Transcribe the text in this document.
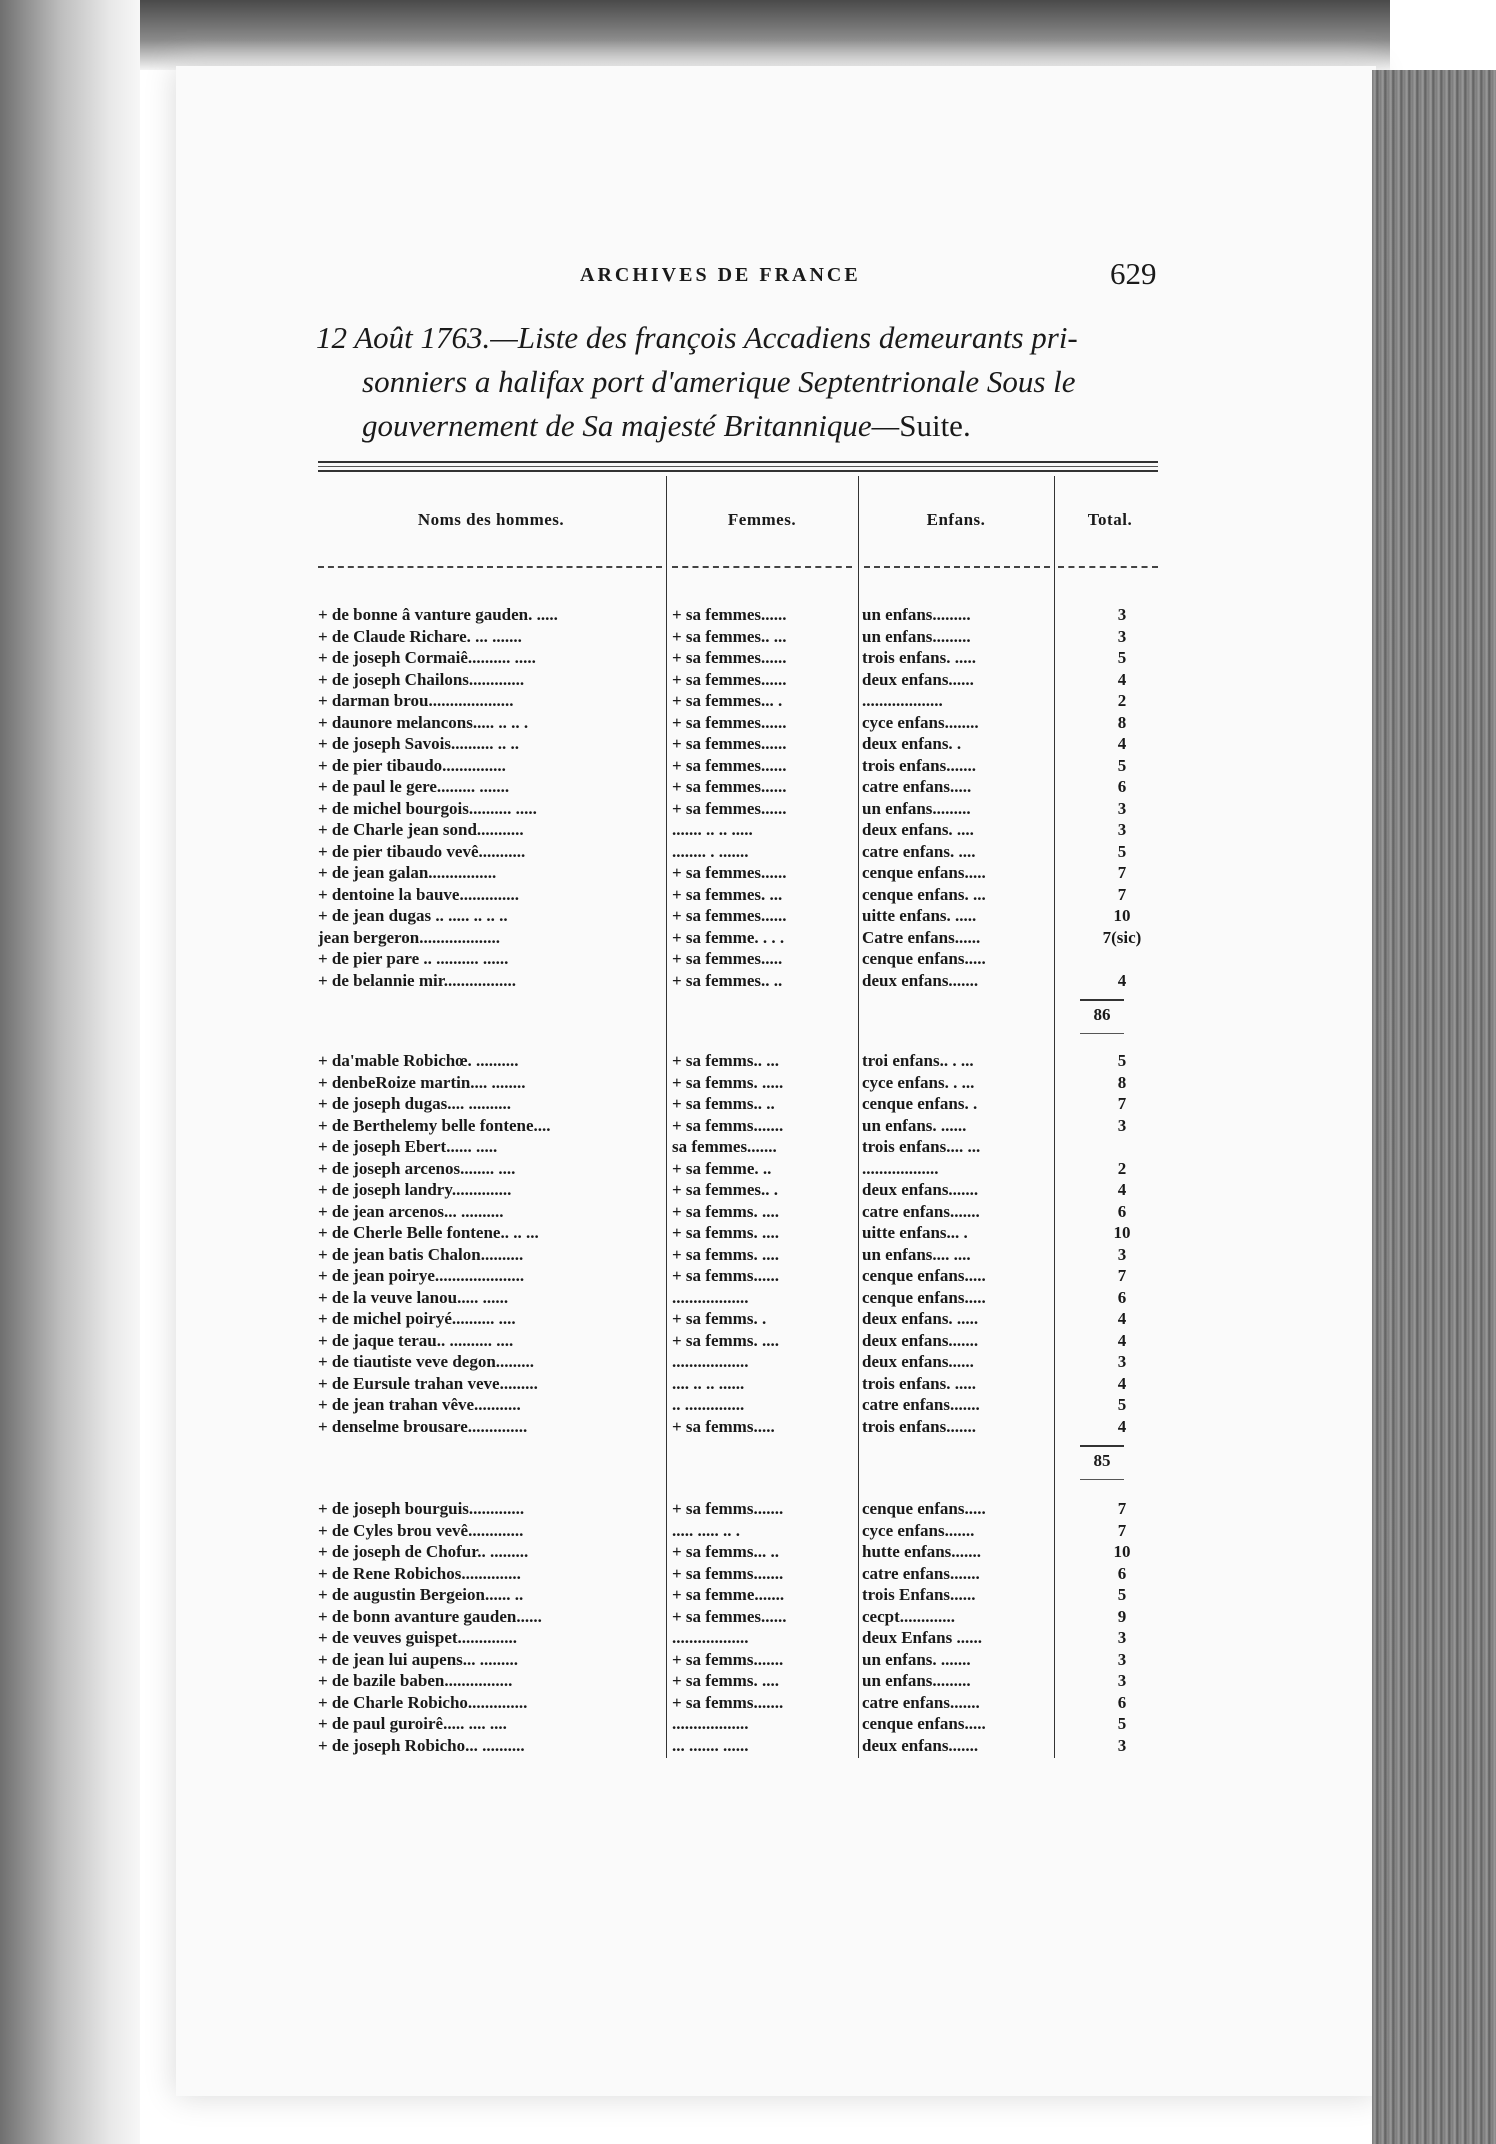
ARCHIVES DE FRANCE	629
12 Août 1763.—Liste des françois Accadiens demeurants pri-
sonniers a halifax port d'amerique Septentrionale Sous le
gouvernement de Sa majesté Britannique—Suite.
Noms des hommes.	Femmes.	Enfans.	Total.
+ de bonne â vanture gauden. .....	+ sa femmes......	un enfans.........	3
+ de Claude Richare. ... .......	+ sa femmes.. ...	un enfans.........	3
+ de joseph Cormaiê.......... .....	+ sa femmes......	trois enfans. .....	5
+ de joseph Chailons.............	+ sa femmes......	deux enfans......	4
+ darman brou....................	+ sa femmes... .	...................	2
+ daunore melancons..... .. .. .	+ sa femmes......	cyce enfans........	8
+ de joseph Savois.......... .. ..	+ sa femmes......	deux enfans. .	4
+ de pier tibaudo...............	+ sa femmes......	trois enfans.......	5
+ de paul le gere......... .......	+ sa femmes......	catre enfans.....	6
+ de michel bourgois.......... .....	+ sa femmes......	un enfans.........	3
+ de Charle jean sond...........	....... .. .. .....	deux enfans. ....	3
+ de pier tibaudo vevê...........	........ . .......	catre enfans. ....	5
+ de jean galan................	+ sa femmes......	cenque enfans.....	7
+ dentoine la bauve..............	+ sa femmes. ...	cenque enfans. ...	7
+ de jean dugas .. ..... .. .. ..	+ sa femmes......	uitte enfans. .....	10
jean bergeron...................	+ sa femme. . . .	Catre enfans......	7(sic)
+ de pier pare .. .......... ......	+ sa femmes.....	cenque enfans.....
+ de belannie mir.................	+ sa femmes.. ..	deux enfans.......	4
86
+ da'mable Robichœ. ..........	+ sa femms.. ...	troi enfans.. . ...	5
+ denbeRoize martin.... ........	+ sa femms. .....	cyce enfans. . ...	8
+ de joseph dugas.... ..........	+ sa femms.. ..	cenque enfans. .	7
+ de Berthelemy belle fontene....	+ sa femms.......	un enfans. ......	3
+ de joseph Ebert...... .....	sa femmes.......	trois enfans.... ...
+ de joseph arcenos........ ....	+ sa femme. ..	..................	2
+ de joseph landry..............	+ sa femmes.. .	deux enfans.......	4
+ de jean arcenos... ..........	+ sa femms. ....	catre enfans.......	6
+ de Cherle Belle fontene.. .. ...	+ sa femms. ....	uitte enfans... .	10
+ de jean batis Chalon..........	+ sa femms. ....	un enfans.... ....	3
+ de jean poirye.....................	+ sa femms......	cenque enfans.....	7
+ de la veuve lanou..... ......	..................	cenque enfans.....	6
+ de michel poiryé.......... ....	+ sa femms. .	deux enfans. .....	4
+ de jaque terau.. .......... ....	+ sa femms. ....	deux enfans.......	4
+ de tiautiste veve degon.........	..................	deux enfans......	3
+ de Eursule trahan veve.........	.... .. .. ......	trois enfans. .....	4
+ de jean trahan vêve...........	.. ..............	catre enfans.......	5
+ denselme brousare..............	+ sa femms.....	trois enfans.......	4
85
+ de joseph bourguis.............	+ sa femms.......	cenque enfans.....	7
+ de Cyles brou vevê.............	..... ..... .. .	cyce enfans.......	7
+ de joseph de Chofur.. .........	+ sa femms... ..	hutte enfans.......	10
+ de Rene Robichos..............	+ sa femms.......	catre enfans.......	6
+ de augustin Bergeion...... ..	+ sa femme.......	trois Enfans......	5
+ de bonn avanture gauden......	+ sa femmes......	cecpt.............	9
+ de veuves guispet..............	..................	deux Enfans ......	3
+ de jean lui aupens... .........	+ sa femms.......	un enfans. .......	3
+ de bazile baben................	+ sa femms. ....	un enfans.........	3
+ de Charle Robicho..............	+ sa femms.......	catre enfans.......	6
+ de paul guroirê..... .... ....	..................	cenque enfans.....	5
+ de joseph Robicho... ..........	... ....... ......	deux enfans.......	3
